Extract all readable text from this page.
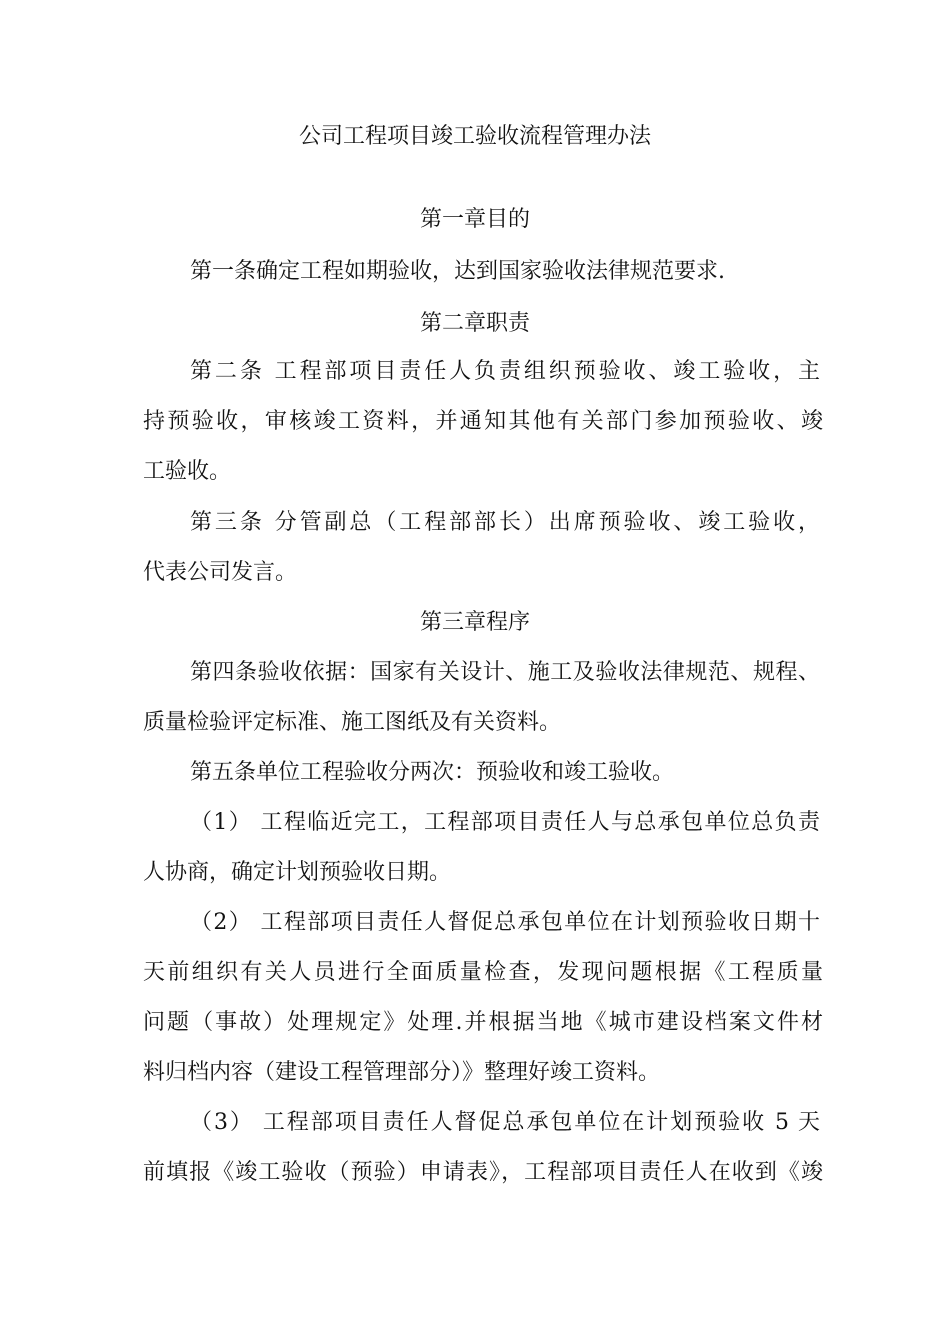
公司工程项目竣工验收流程管理办法
第一章目的
第一条确定工程如期验收，达到国家验收法律规范要求.
第二章职责
第二条 工程部项目责任人负责组织预验收、竣工验收，主
持预验收，审核竣工资料，并通知其他有关部门参加预验收、竣
工验收。
第三条 分管副总（工程部部长）出席预验收、竣工验收，
代表公司发言。
第三章程序
第四条验收依据：国家有关设计、施工及验收法律规范、规程、
质量检验评定标准、施工图纸及有关资料。
第五条单位工程验收分两次：预验收和竣工验收。
（1） 工程临近完工，工程部项目责任人与总承包单位总负责
人协商，确定计划预验收日期。
（2） 工程部项目责任人督促总承包单位在计划预验收日期十
天前组织有关人员进行全面质量检查，发现问题根据《工程质量
问题（事故）处理规定》处理.并根据当地《城市建设档案文件材
料归档内容（建设工程管理部分）》整理好竣工资料。
（3） 工程部项目责任人督促总承包单位在计划预验收 5 天
前填报《竣工验收（预验）申请表》，工程部项目责任人在收到《竣
